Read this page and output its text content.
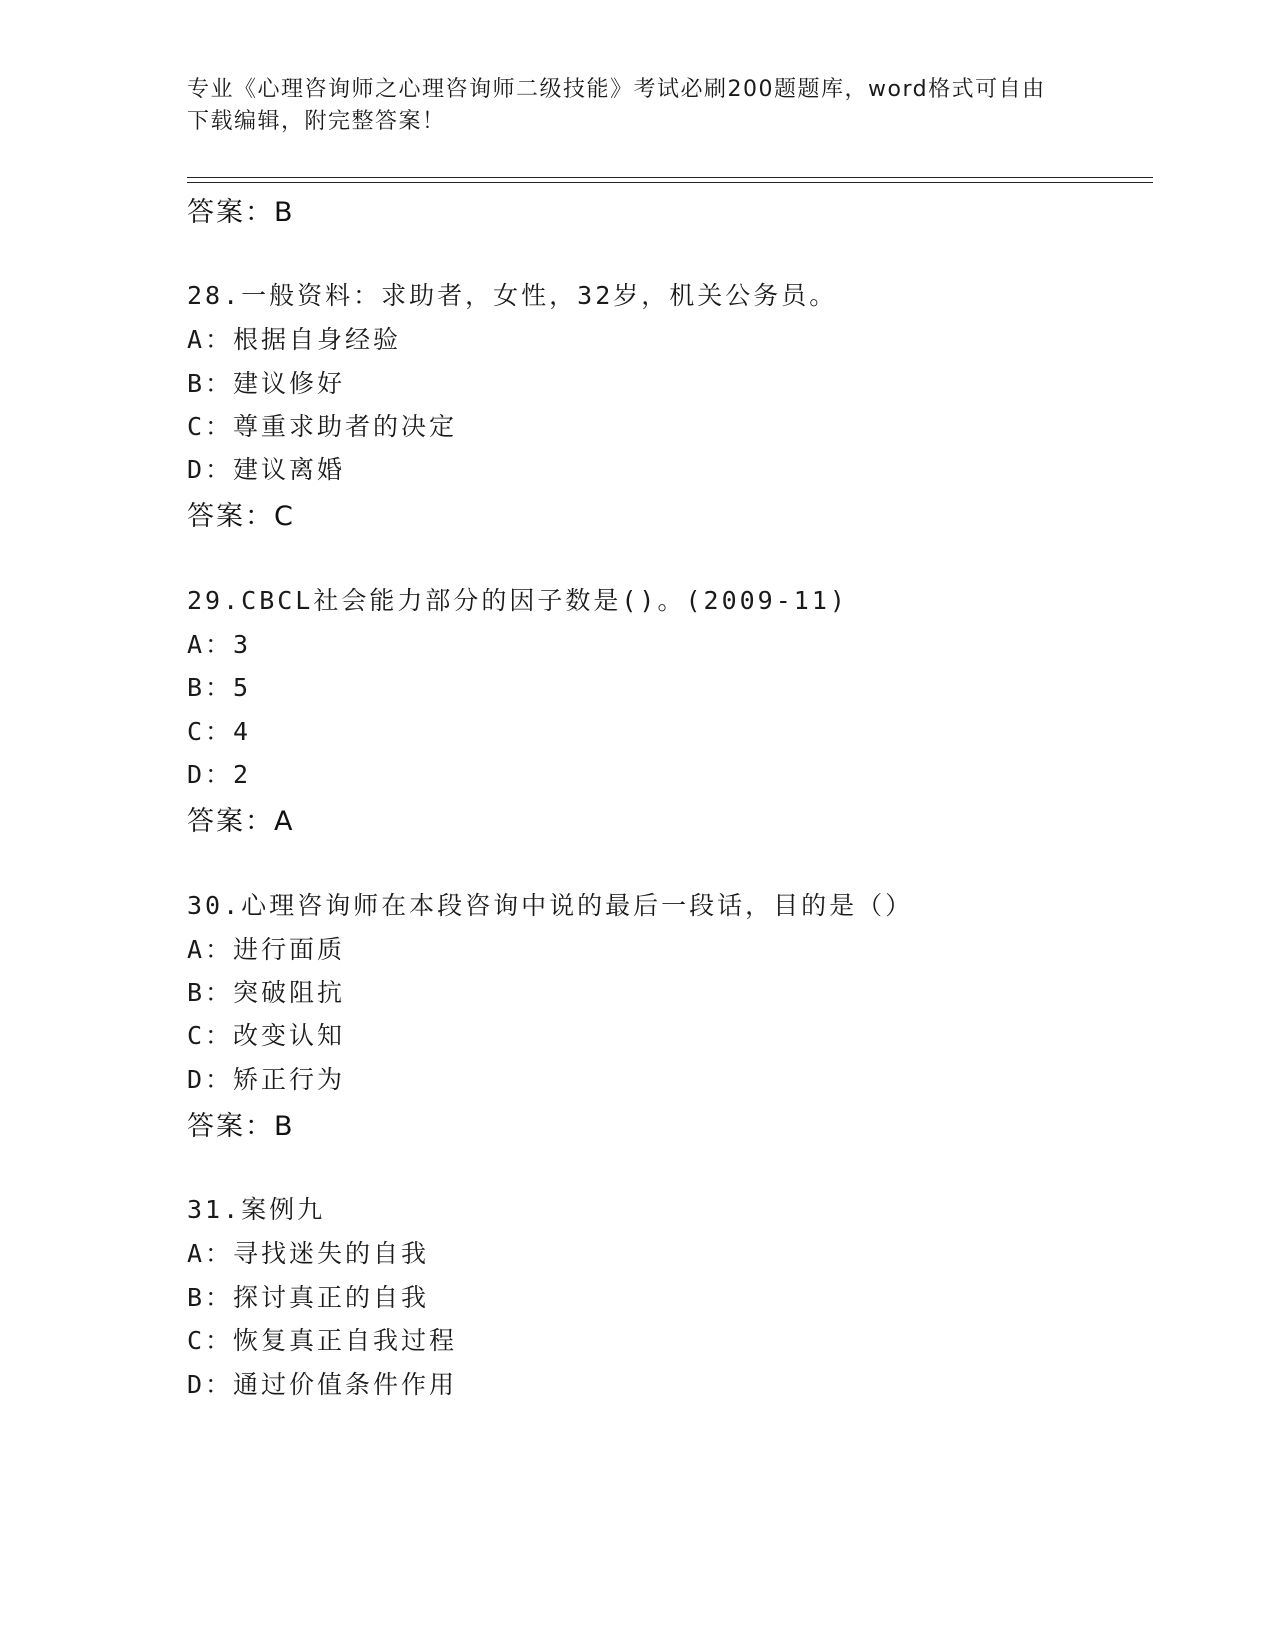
专业《心理咨询师之心理咨询师二级技能》考试必刷200题题库，word格式可自由下载编辑，附完整答案！
答案：B
28.一般资料：求助者，女性，32岁，机关公务员。
A：根据自身经验
B：建议修好
C：尊重求助者的决定
D：建议离婚
答案：C
29.CBCL社会能力部分的因子数是()。(2009-11)
A：3
B：5
C：4
D：2
答案：A
30.心理咨询师在本段咨询中说的最后一段话，目的是（）
A：进行面质
B：突破阻抗
C：改变认知
D：矫正行为
答案：B
31.案例九
A：寻找迷失的自我
B：探讨真正的自我
C：恢复真正自我过程
D：通过价值条件作用
